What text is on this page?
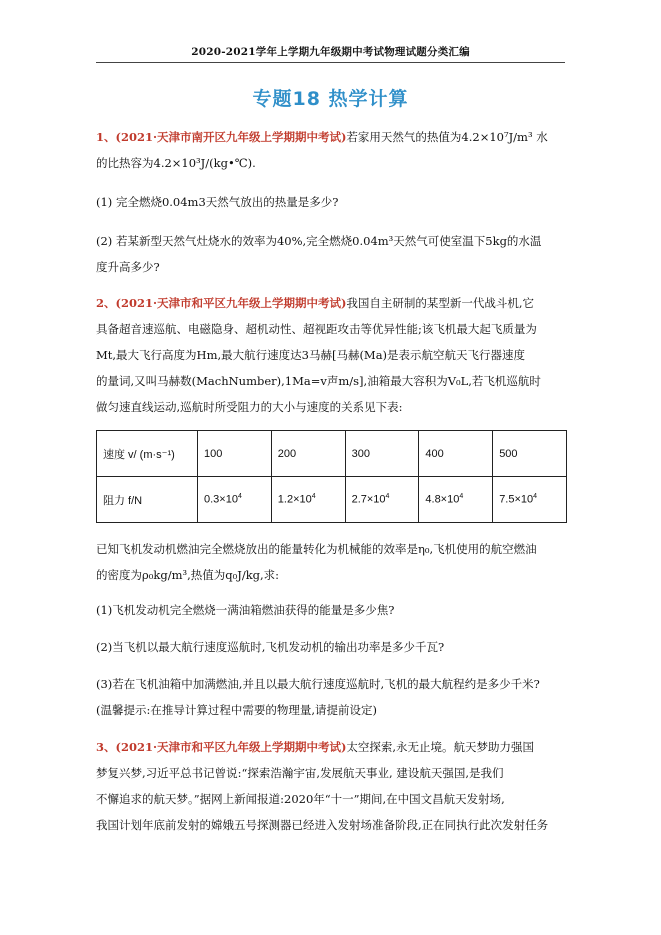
2020-2021学年上学期九年级期中考试物理试题分类汇编
专题18 热学计算
1、(2021·天津市南开区九年级上学期期中考试)若家用天然气的热值为4.2×10⁷J/m³ 水
的比热容为4.2×10³J/(kg•℃).
(1) 完全燃烧0.04m3天然气放出的热量是多少?
(2) 若某新型天然气灶烧水的效率为40%,完全燃烧0.04m³天然气可使室温下5kg的水温
度升高多少?
2、(2021·天津市和平区九年级上学期期中考试)我国自主研制的某型新一代战斗机,它
具备超音速巡航、电磁隐身、超机动性、超视距攻击等优异性能;该飞机最大起飞质量为
Mt,最大飞行高度为Hm,最大航行速度达3马赫[马赫(Ma)是表示航空航天飞行器速度
的量词,又叫马赫数(MachNumber),1Ma=v声m/s],油箱最大容积为V₀L,若飞机巡航时
做匀速直线运动,巡航时所受阻力的大小与速度的关系见下表:
速度 v/ (m·s⁻¹)	100	200	300	400	500
阻力 f/N	$0.3\times 10^4$	$1.2\times 10^4$	$2.7\times 10^4$	$4.8\times 10^4$	$7.5\times 10^4$
已知飞机发动机燃油完全燃烧放出的能量转化为机械能的效率是η₀,飞机使用的航空燃油
的密度为ρ₀kg/m³,热值为q₀J/kg,求:
(1)飞机发动机完全燃烧一满油箱燃油获得的能量是多少焦?
(2)当飞机以最大航行速度巡航时,飞机发动机的输出功率是多少千瓦?
(3)若在飞机油箱中加满燃油,并且以最大航行速度巡航时,飞机的最大航程约是多少千米?
(温馨提示:在推导计算过程中需要的物理量,请提前设定)
3、(2021·天津市和平区九年级上学期期中考试)太空探索,永无止境。航天梦助力强国
梦复兴梦,习近平总书记曾说:“探索浩瀚宇宙,发展航天事业, 建设航天强国,是我们
不懈追求的航天梦。”据网上新闻报道:2020年“十一”期间,在中国文昌航天发射场,
我国计划年底前发射的嫦娥五号探测器已经进入发射场准备阶段,正在同执行此次发射任务
